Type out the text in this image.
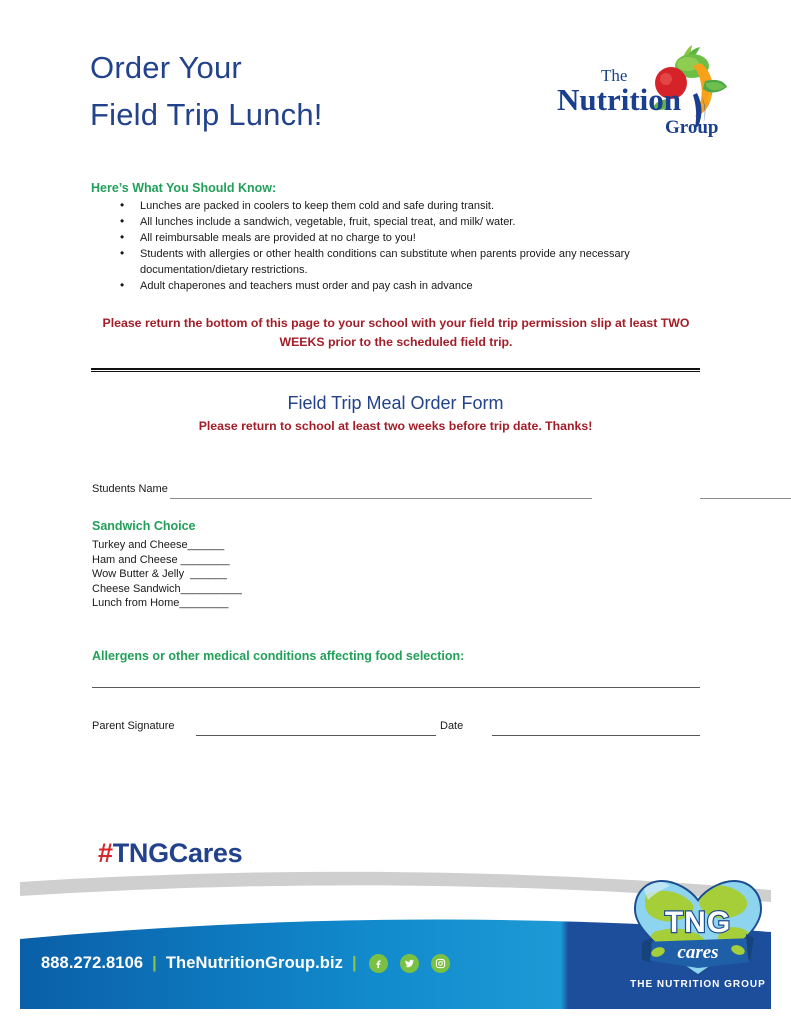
Order Your
Field Trip Lunch!
The
Nutrition
Group
Here’s What You Should Know:
• Lunches are packed in coolers to keep them cold and safe during transit.
• All lunches include a sandwich, vegetable, fruit, special treat, and milk/ water.
• All reimbursable meals are provided at no charge to you!
• Students with allergies or other health conditions can substitute when parents provide any necessary documentation/dietary restrictions.
• Adult chaperones and teachers must order and pay cash in advance
Please return the bottom of this page to your school with your field trip permission slip at least TWO WEEKS prior to the scheduled field trip.
Field Trip Meal Order Form
Please return to school at least two weeks before trip date. Thanks!
Students Name
Sandwich Choice
Turkey and Cheese______
Ham and Cheese ________
Wow Butter & Jelly  ______
Cheese Sandwich__________
Lunch from Home________
Allergens or other medical conditions affecting food selection:
Parent Signature	Date
#TNGCares
888.272.8106 | TheNutritionGroup.biz |
TNG
cares
THE NUTRITION GROUP
